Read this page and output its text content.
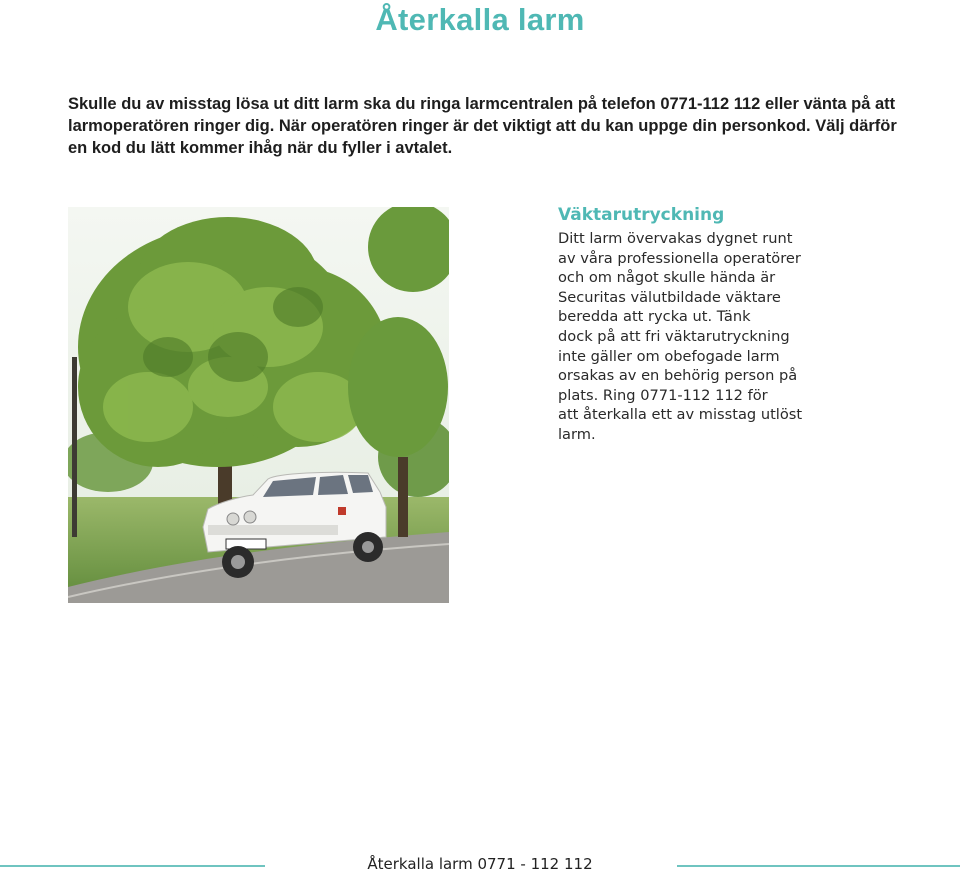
Återkalla larm

Skulle du av misstag lösa ut ditt larm ska du ringa larmcentralen på telefon 0771-112 112 eller vänta på att larmoperatören ringer dig. När operatören ringer är det viktigt att du kan uppge din personkod. Välj därför en kod du lätt kommer ihåg när du fyller i avtalet.

Väktarutryckning

Ditt larm övervakas dygnet runt
av våra professionella operatörer
och om något skulle hända är
Securitas välutbildade väktare
beredda att rycka ut. Tänk
dock på att fri väktarutryckning
inte gäller om obefogade larm
orsakas av en behörig person på
plats. Ring 0771-112 112 för
att återkalla ett av misstag utlöst
larm.

Återkalla larm 0771 - 112 112
